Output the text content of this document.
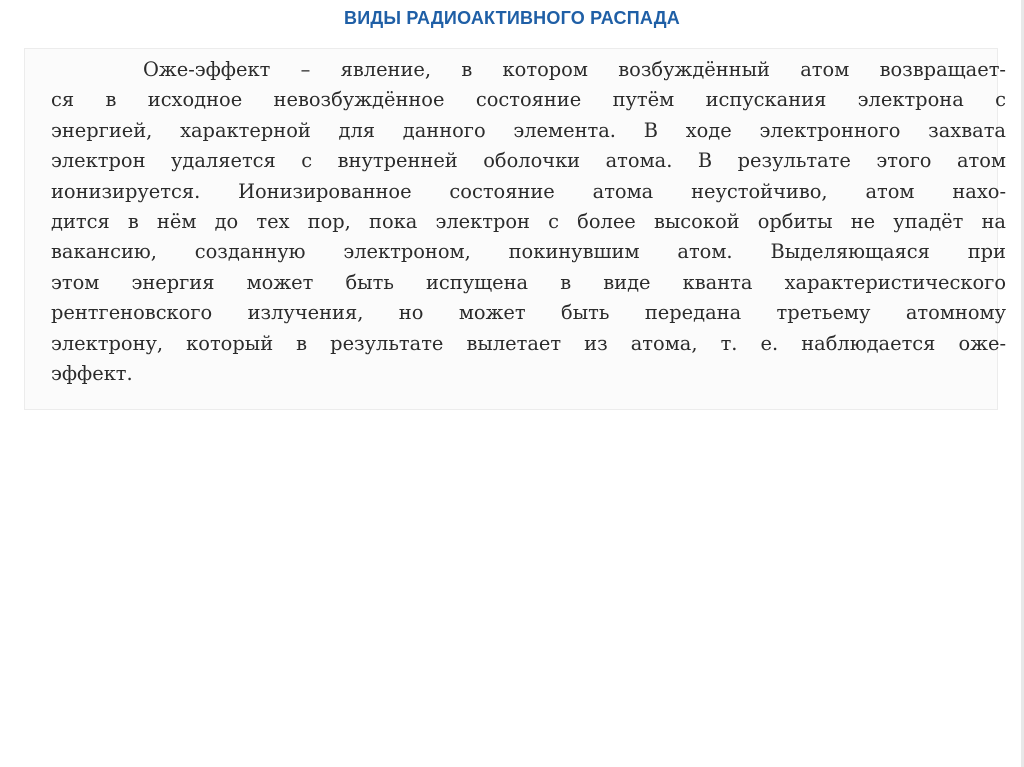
ВИДЫ РАДИОАКТИВНОГО РАСПАДА
Оже-эффект – явление, в котором возбуждённый атом возвращает-
ся в исходное невозбуждённое состояние путём испускания электрона с
энергией, характерной для данного элемента. В ходе электронного захвата
электрон удаляется с внутренней оболочки атома. В результате этого атом
ионизируется. Ионизированное состояние атома неустойчиво, атом нахо-
дится в нём до тех пор, пока электрон с более высокой орбиты не упадёт на
вакансию, созданную электроном, покинувшим атом. Выделяющаяся при
этом энергия может быть испущена в виде кванта характеристического
рентгеновского излучения, но может быть передана третьему атомному
электрону, который в результате вылетает из атома, т. е. наблюдается оже-
эффект.
